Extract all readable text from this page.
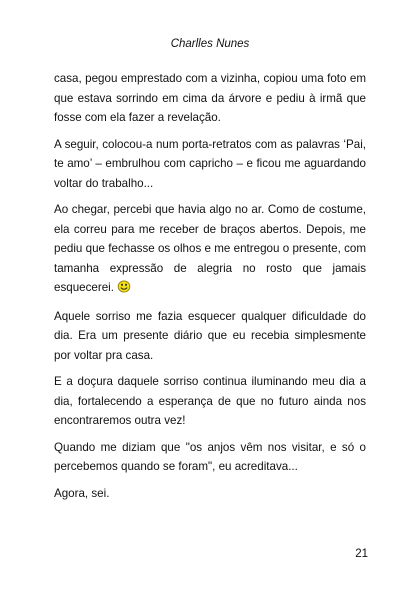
Charlles Nunes

casa, pegou emprestado com a vizinha, copiou uma foto em que estava sorrindo em cima da árvore e pediu à irmã que fosse com ela fazer a revelação.

A seguir, colocou-a num porta-retratos com as palavras ‘Pai, te amo’ – embrulhou com capricho – e ficou me aguardando voltar do trabalho...

Ao chegar, percebi que havia algo no ar. Como de costume, ela correu para me receber de braços abertos. Depois, me pediu que fechasse os olhos e me entregou o presente, com tamanha expressão de alegria no rosto que jamais esquecerei.

Aquele sorriso me fazia esquecer qualquer dificuldade do dia. Era um presente diário que eu recebia simplesmente por voltar pra casa.

E a doçura daquele sorriso continua iluminando meu dia a dia, fortalecendo a esperança de que no futuro ainda nos encontraremos outra vez!

Quando me diziam que "os anjos vêm nos visitar, e só o percebemos quando se foram", eu acreditava...

Agora, sei.

21
